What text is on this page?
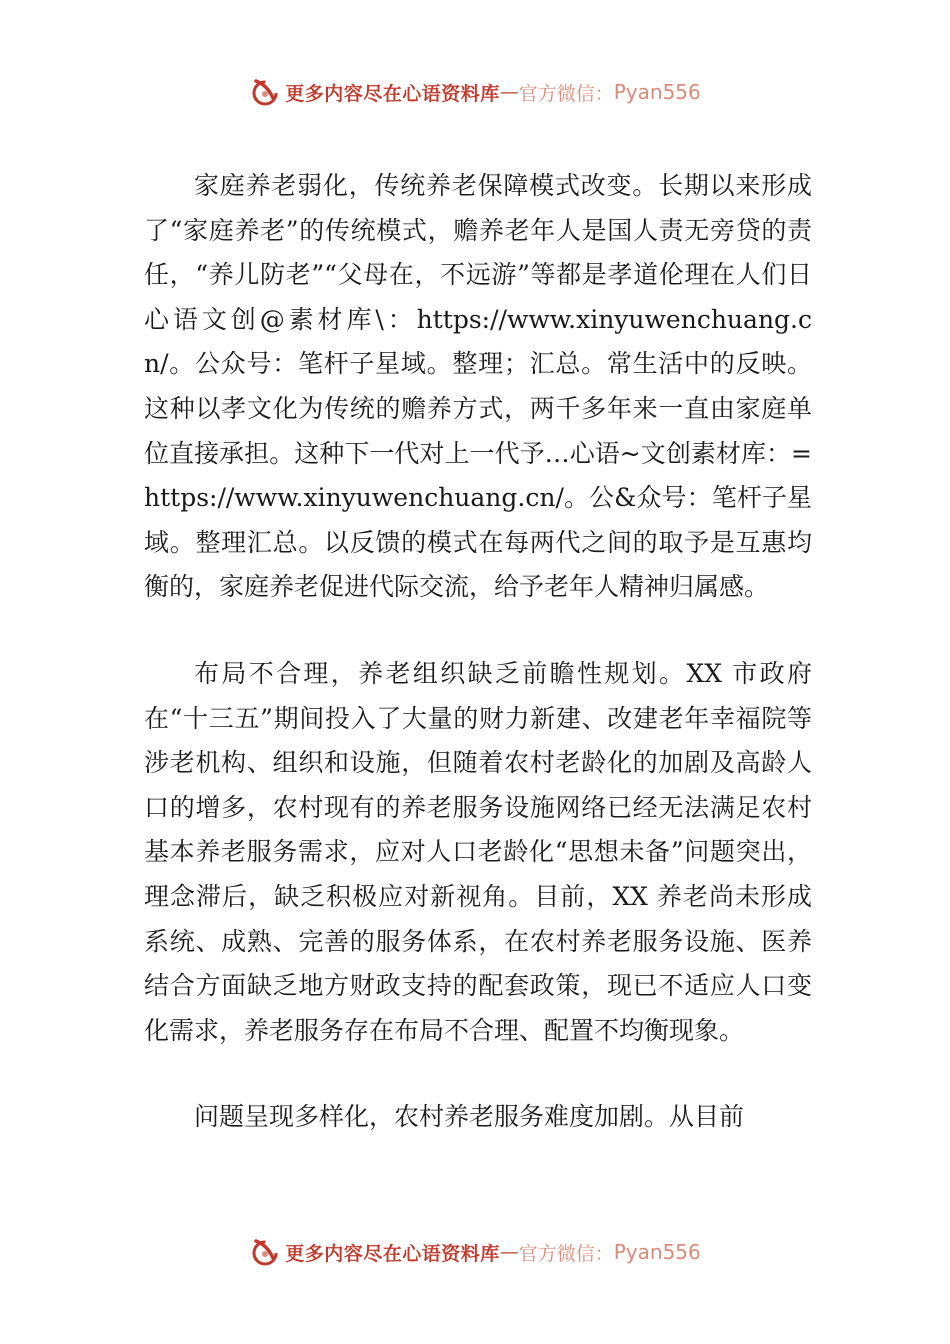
更多内容尽在心语资料库 — 官方微信： Pyan556

家庭养老弱化，传统养老保障模式改变。长期以来形成了“家庭养老”的传统模式，赡养老年人是国人责无旁贷的责任，“养儿防老”“父母在，不远游”等都是孝道伦理在人们日心语文创@素材库\：https://www.xinyuwenchuang.cn/。公众号：笔杆子星域。整理；汇总。常生活中的反映。这种以孝文化为传统的赡养方式，两千多年来一直由家庭单位直接承担。这种下一代对上一代予…心语~文创素材库：=https://www.xinyuwenchuang.cn/。公&众号：笔杆子星域。整理汇总。以反馈的模式在每两代之间的取予是互惠均衡的，家庭养老促进代际交流，给予老年人精神归属感。

布局不合理，养老组织缺乏前瞻性规划。XX 市政府在“十三五”期间投入了大量的财力新建、改建老年幸福院等涉老机构、组织和设施，但随着农村老龄化的加剧及高龄人口的增多，农村现有的养老服务设施网络已经无法满足农村基本养老服务需求，应对人口老龄化“思想未备”问题突出，理念滞后，缺乏积极应对新视角。目前，XX 养老尚未形成系统、成熟、完善的服务体系，在农村养老服务设施、医养结合方面缺乏地方财政支持的配套政策，现已不适应人口变化需求，养老服务存在布局不合理、配置不均衡现象。

问题呈现多样化，农村养老服务难度加剧。从目前

更多内容尽在心语资料库 — 官方微信： Pyan556
